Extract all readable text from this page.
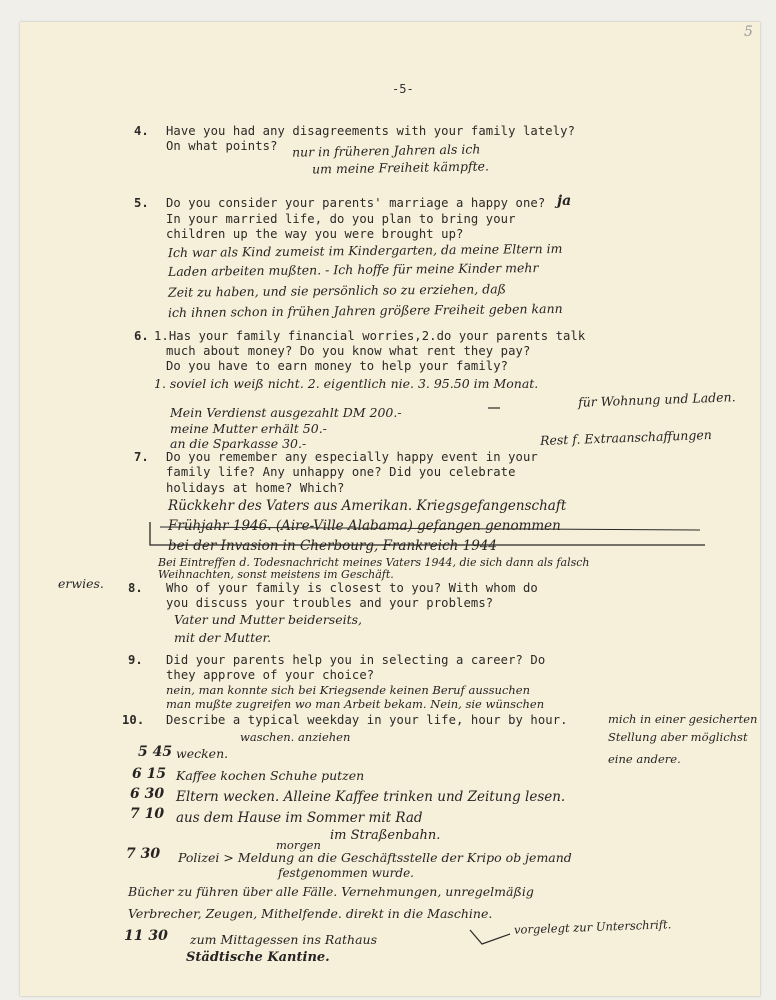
5
-5-
4. Have you had any disagreements with your family lately?
On what points? nur in früheren Jahren als ich
um meine Freiheit kämpfte.
5. Do you consider your parents' marriage a happy one? ja
In your married life, do you plan to bring your
children up the way you were brought up?
Ich war als Kind zumeist im Kindergarten, da meine Eltern im
Laden arbeiten mußten. - Ich hoffe für meine Kinder mehr
Zeit zu haben, und sie persönlich so zu erziehen, daß
ich ihnen schon in frühen Jahren größere Freiheit geben kann
6. 1.Has your family financial worries,2.do your parents talk
much about money? Do you know what rent they pay?
Do you have to earn money to help your family?
1. soviel ich weiß nicht. 2. eigentlich nie. 3. 95.50 im Monat.
für Wohnung und Laden.
Mein Verdienst ausgezahlt DM 200.-
meine Mutter erhält 50.-
an die Sparkasse 30.-	Rest f. Extraanschaffungen
7. Do you remember any especially happy event in your
family life? Any unhappy one? Did you celebrate
holidays at home? Which?
Rückkehr des Vaters aus Amerikan. Kriegsgefangenschaft
Frühjahr 1946. (Aire-Ville Alabama) gefangen genommen
bei der Invasion in Cherbourg, Frankreich 1944
Bei Eintreffen d. Todesnachricht meines Vaters 1944, die sich dann als falsch
Weihnachten, sonst meistens im Geschäft.
erwies. 8. Who of your family is closest to you? With whom do
you discuss your troubles and your problems?
Vater und Mutter beiderseits,
mit der Mutter.
9. Did your parents help you in selecting a career? Do
they approve of your choice?
nein, man konnte sich bei Kriegsende keinen Beruf aussuchen
man mußte zugreifen wo man Arbeit bekam. Nein, sie wünschen
mich in einer gesicherten
Stellung aber möglichst
eine andere.
10. Describe a typical weekday in your life, hour by hour.
waschen. anziehen
5 45 wecken.
6 15 Kaffee kochen Schuhe putzen
6 30 Eltern wecken. Alleine Kaffee trinken und Zeitung lesen.
7 10 aus dem Hause im Sommer mit Rad
im Straßenbahn.
morgen
7 30 Polizei > Meldung an die Geschäftsstelle der Kripo ob jemand
festgenommen wurde.
Bücher zu führen über alle Fälle. Vernehmungen, unregelmäßig
Verbrecher, Zeugen, Mithelfende. direkt in die Maschine.
11 30 zum Mittagessen ins Rathaus
vorgelegt zur Unterschrift.
Städtische Kantine.
